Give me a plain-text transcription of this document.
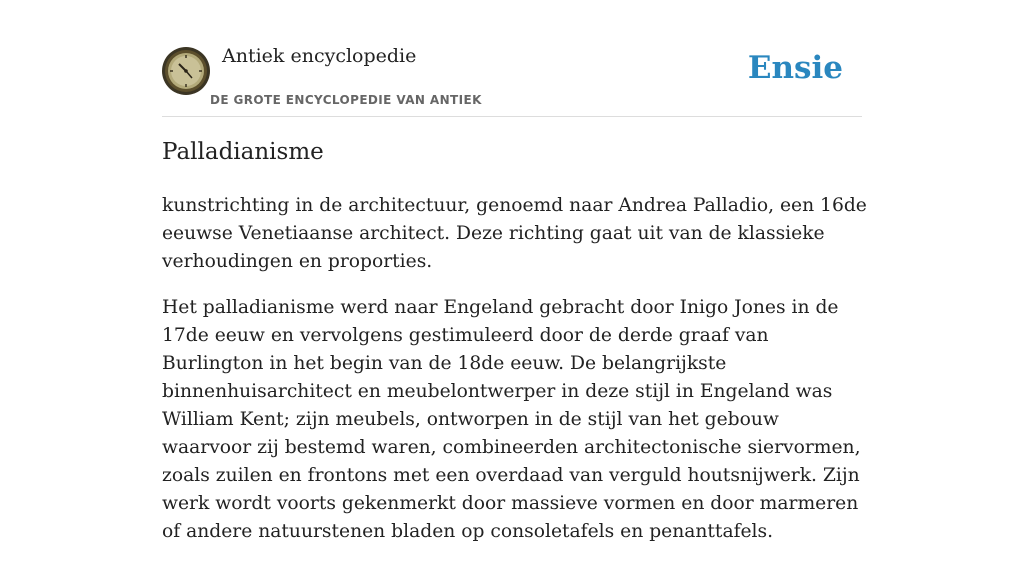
Antiek encyclopedie
DE GROTE ENCYCLOPEDIE VAN ANTIEK
Ensie
Palladianisme

kunstrichting in de architectuur, genoemd naar Andrea Palladio, een 16de eeuwse Venetiaanse architect. Deze richting gaat uit van de klassieke verhoudingen en proporties.

Het palladianisme werd naar Engeland gebracht door Inigo Jones in de 17de eeuw en vervolgens gestimuleerd door de derde graaf van Burlington in het begin van de 18de eeuw. De belangrijkste binnenhuisarchitect en meubelontwerper in deze stijl in Engeland was William Kent; zijn meubels, ontworpen in de stijl van het gebouw waarvoor zij bestemd waren, combineerden architectonische siervormen, zoals zuilen en frontons met een overdaad van verguld houtsnijwerk. Zijn werk wordt voorts gekenmerkt door massieve vormen en door marmeren of andere natuurstenen bladen op consoletafels en penanttafels.
